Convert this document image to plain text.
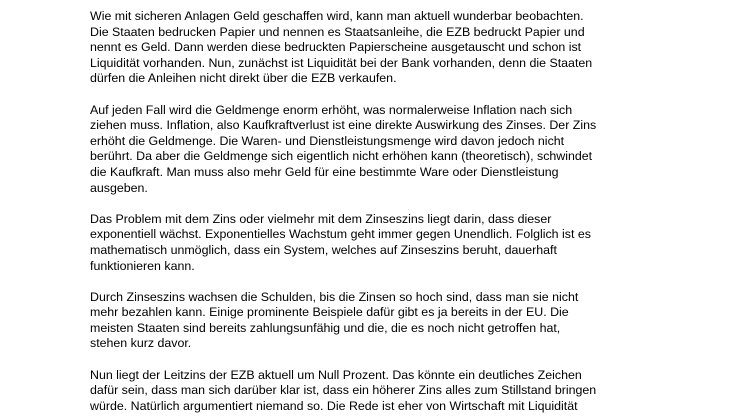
Wie mit sicheren Anlagen Geld geschaffen wird, kann man aktuell wunderbar beobachten.
Die Staaten bedrucken Papier und nennen es Staatsanleihe, die EZB bedruckt Papier und
nennt es Geld. Dann werden diese bedruckten Papierscheine ausgetauscht und schon ist
Liquidität vorhanden. Nun, zunächst ist Liquidität bei der Bank vorhanden, denn die Staaten
dürfen die Anleihen nicht direkt über die EZB verkaufen.

Auf jeden Fall wird die Geldmenge enorm erhöht, was normalerweise Inflation nach sich
ziehen muss. Inflation, also Kaufkraftverlust ist eine direkte Auswirkung des Zinses. Der Zins
erhöht die Geldmenge. Die Waren- und Dienstleistungsmenge wird davon jedoch nicht
berührt. Da aber die Geldmenge sich eigentlich nicht erhöhen kann (theoretisch), schwindet
die Kaufkraft. Man muss also mehr Geld für eine bestimmte Ware oder Dienstleistung
ausgeben.

Das Problem mit dem Zins oder vielmehr mit dem Zinseszins liegt darin, dass dieser
exponentiell wächst. Exponentielles Wachstum geht immer gegen Unendlich. Folglich ist es
mathematisch unmöglich, dass ein System, welches auf Zinseszins beruht, dauerhaft
funktionieren kann.

Durch Zinseszins wachsen die Schulden, bis die Zinsen so hoch sind, dass man sie nicht
mehr bezahlen kann. Einige prominente Beispiele dafür gibt es ja bereits in der EU. Die
meisten Staaten sind bereits zahlungsunfähig und die, die es noch nicht getroffen hat,
stehen kurz davor.

Nun liegt der Leitzins der EZB aktuell um Null Prozent. Das könnte ein deutliches Zeichen
dafür sein, dass man sich darüber klar ist, dass ein höherer Zins alles zum Stillstand bringen
würde. Natürlich argumentiert niemand so. Die Rede ist eher von Wirtschaft mit Liquidität
